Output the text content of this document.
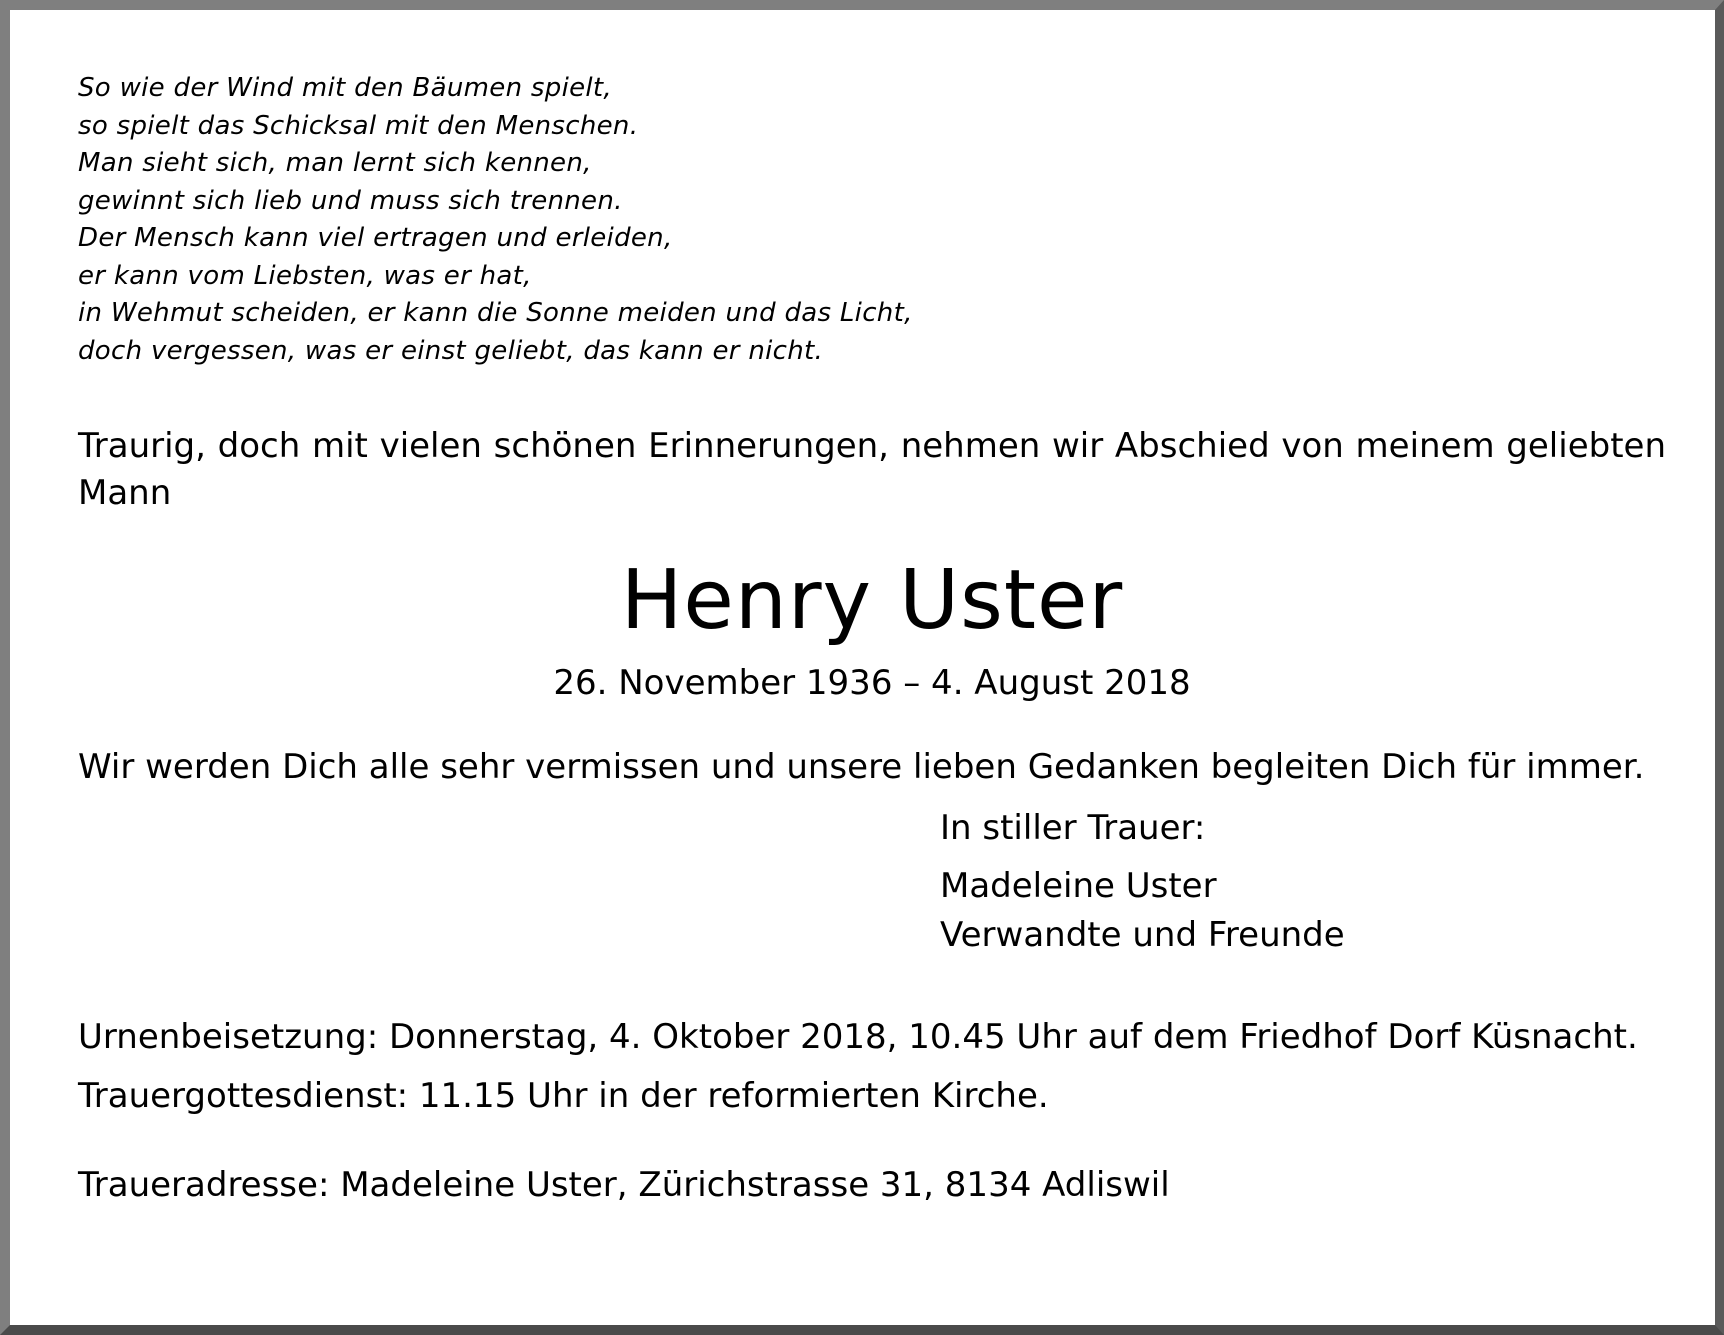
So wie der Wind mit den Bäumen spielt,
so spielt das Schicksal mit den Menschen.
Man sieht sich, man lernt sich kennen,
gewinnt sich lieb und muss sich trennen.
Der Mensch kann viel ertragen und erleiden,
er kann vom Liebsten, was er hat,
in Wehmut scheiden, er kann die Sonne meiden und das Licht,
doch vergessen, was er einst geliebt, das kann er nicht.

Traurig, doch mit vielen schönen Erinnerungen, nehmen wir Abschied von meinem geliebten Mann

Henry Uster
26. November 1936 – 4. August 2018

Wir werden Dich alle sehr vermissen und unsere lieben Gedanken begleiten Dich für immer.

In stiller Trauer:
Madeleine Uster
Verwandte und Freunde
Urnenbeisetzung: Donnerstag, 4. Oktober 2018, 10.45 Uhr auf dem Friedhof Dorf Küsnacht.
Trauergottesdienst: 11.15 Uhr in der reformierten Kirche.
Traueradresse: Madeleine Uster, Zürichstrasse 31, 8134 Adliswil
